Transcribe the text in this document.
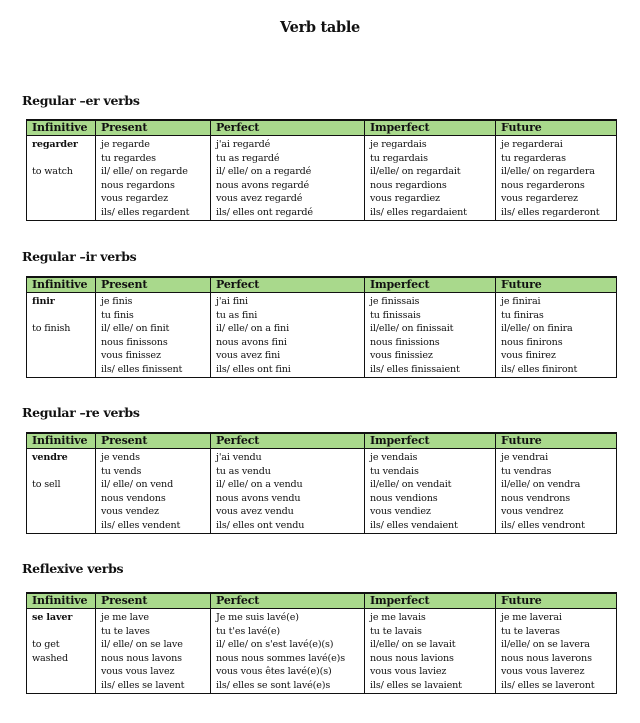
Verb table
Regular –er verbs
Infinitive	Present	Perfect	Imperfect	Future

regarder
to watch

je regarde
tu regardes
il/ elle/ on regarde
nous regardons
vous regardez
ils/ elles regardent

j'ai regardé
tu as regardé
il/ elle/ on a regardé
nous avons regardé
vous avez regardé
ils/ elles ont regardé

je regardais
tu regardais
il/elle/ on regardait
nous regardions
vous regardiez
ils/ elles regardaient

je regarderai
tu regarderas
il/elle/ on regardera
nous regarderons
vous regarderez
ils/ elles regarderont
Regular –ir verbs
Infinitive	Present	Perfect	Imperfect	Future

finir
to finish

je finis
tu finis
il/ elle/ on finit
nous finissons
vous finissez
ils/ elles finissent

j'ai fini
tu as fini
il/ elle/ on a fini
nous avons fini
vous avez fini
ils/ elles ont fini

je finissais
tu finissais
il/elle/ on finissait
nous finissions
vous finissiez
ils/ elles finissaient

je finirai
tu finiras
il/elle/ on finira
nous finirons
vous finirez
ils/ elles finiront
Regular –re verbs
Infinitive	Present	Perfect	Imperfect	Future

vendre
to sell

je vends
tu vends
il/ elle/ on vend
nous vendons
vous vendez
ils/ elles vendent

j'ai vendu
tu as vendu
il/ elle/ on a vendu
nous avons vendu
vous avez vendu
ils/ elles ont vendu

je vendais
tu vendais
il/elle/ on vendait
nous vendions
vous vendiez
ils/ elles vendaient

je vendrai
tu vendras
il/elle/ on vendra
nous vendrons
vous vendrez
ils/ elles vendront
Reflexive verbs
Infinitive	Present	Perfect	Imperfect	Future

se laver
to get
washed

je me lave
tu te laves
il/ elle/ on se lave
nous nous lavons
vous vous lavez
ils/ elles se lavent

Je me suis lavé(e)
tu t'es lavé(e)
il/ elle/ on s'est lavé(e)(s)
nous nous sommes lavé(e)s
vous vous êtes lavé(e)(s)
ils/ elles se sont lavé(e)s

je me lavais
tu te lavais
il/elle/ on se lavait
nous nous lavions
vous vous laviez
ils/ elles se lavaient

je me laverai
tu te laveras
il/elle/ on se lavera
nous nous laverons
vous vous laverez
ils/ elles se laveront
